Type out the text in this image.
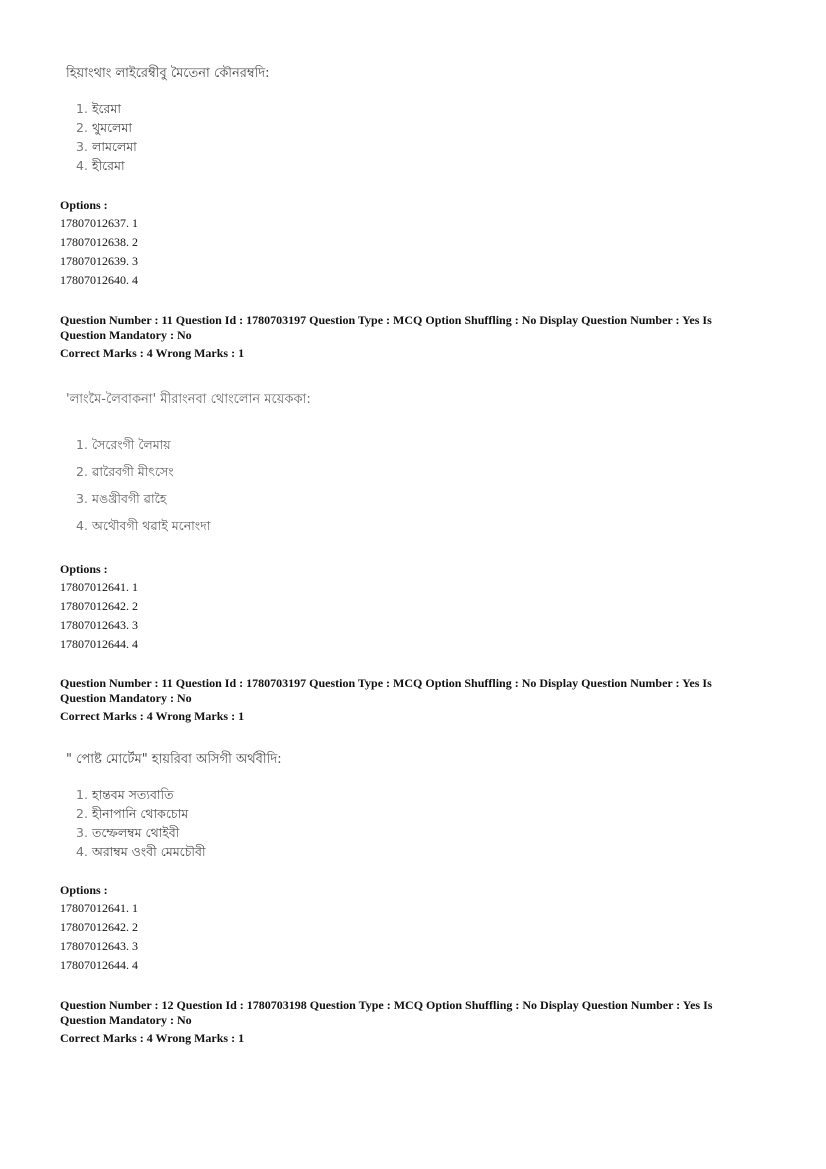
হিয়াংথাং লাইরেম্বীবু মৈতেনা কৌনরম্বদি:
1. ইরেমা
2. থুমলেমা
3. লামলেমা
4. হীরেমা
Options :
17807012637. 1
17807012638. 2
17807012639. 3
17807012640. 4
Question Number : 11 Question Id : 1780703197 Question Type : MCQ Option Shuffling : No Display Question Number : Yes Is
Question Mandatory : No
Correct Marks : 4 Wrong Marks : 1
'লাংমৈ-লৈবাকনা' মীরাংনবা থোংলোন ময়েককা:
1. সৈরেংগী লৈমায়
2. ৱারৈবগী মীৎসেং
3. মঙখ্রীবগী ৱাহৈ
4. অথৌবগী থৱাই মনোংদা
Options :
17807012641. 1
17807012642. 2
17807012643. 3
17807012644. 4
Question Number : 11 Question Id : 1780703197 Question Type : MCQ Option Shuffling : No Display Question Number : Yes Is
Question Mandatory : No
Correct Marks : 4 Wrong Marks : 1
" পোষ্ট মোর্টেম" হায়রিবা অসিগী অর্থবীদি:
1. হান্তবম সত্যবাতি
2. হীনাপানি থোকচোম
3. তম্ফেলম্বম থোইবী
4. অরাম্বম ওংবী মেমচৌবী
Options :
17807012641. 1
17807012642. 2
17807012643. 3
17807012644. 4
Question Number : 12 Question Id : 1780703198 Question Type : MCQ Option Shuffling : No Display Question Number : Yes Is
Question Mandatory : No
Correct Marks : 4 Wrong Marks : 1
